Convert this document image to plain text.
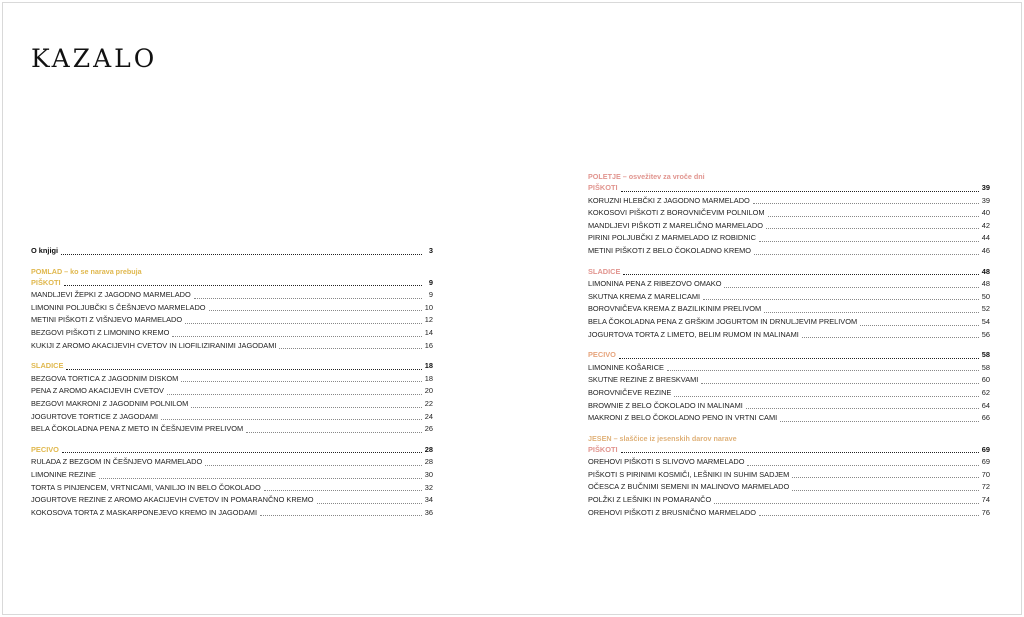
KAZALO
O knjigi	3
POMLAD – ko se narava prebuja
PIŠKOTI	9
MANDLJEVI ŽEPKI Z JAGODNO MARMELADO	9
LIMONINI POLJUBČKI S ČEŠNJEVO MARMELADO	10
METINI PIŠKOTI Z VIŠNJEVO MARMELADO	12
BEZGOVI PIŠKOTI Z LIMONINO KREMO	14
KUKIJI Z AROMO AKACIJEVIH CVETOV IN LIOFILIZIRANIMI JAGODAMI	16
SLADICE	18
BEZGOVA TORTICA Z JAGODNIM DISKOM	18
PENA Z AROMO AKACIJEVIH CVETOV	20
BEZGOVI MAKRONI Z JAGODNIM POLNILOM	22
JOGURTOVE TORTICE Z JAGODAMI	24
BELA ČOKOLADNA PENA Z METO IN ČEŠNJEVIM PRELIVOM	26
PECIVO	28
RULADA Z BEZGOM IN ČEŠNJEVO MARMELADO	28
LIMONINE REZINE	30
TORTA S PINJENCEM, VRTNICAMI, VANILJO IN BELO ČOKOLADO	32
JOGURTOVE REZINE Z AROMO AKACIJEVIH CVETOV IN POMARANČNO KREMO	34
KOKOSOVA TORTA Z MASKARPONEJEVO KREMO IN JAGODAMI	36
POLETJE – osvežitev za vroče dni
PIŠKOTI	39
KORUZNI HLEBČKI Z JAGODNO MARMELADO	39
KOKOSOVI PIŠKOTI Z BOROVNIČEVIM POLNILOM	40
MANDLJEVI PIŠKOTI Z MARELIČNO MARMELADO	42
PIRINI POLJUBČKI Z MARMELADO IZ ROBIDNIC	44
METINI PIŠKOTI Z BELO ČOKOLADNO KREMO	46
SLADICE	48
LIMONINA PENA Z RIBEZOVO OMAKO	48
SKUTNA KREMA Z MARELICAMI	50
BOROVNIČEVA KREMA Z BAZILIKINIM PRELIVOM	52
BELA ČOKOLADNA PENA Z GRŠKIM JOGURTOM IN DRNULJEVIM PRELIVOM	54
JOGURTOVA TORTA Z LIMETO, BELIM RUMOM IN MALINAMI	56
PECIVO	58
LIMONINE KOŠARICE	58
SKUTNE REZINE Z BRESKVAMI	60
BOROVNIČEVE REZINE	62
BROWNIE Z BELO ČOKOLADO IN MALINAMI	64
MAKRONI Z BELO ČOKOLADNO PENO IN VRTNI CAMI	66
JESEN – slaščice iz jesenskih darov narave
PIŠKOTI	69
OREHOVI PIŠKOTI S SLIVOVO MARMELADO	69
PIŠKOTI S PIRINIMI KOSMIČI, LEŠNIKI IN SUHIM SADJEM	70
OČESCA Z BUČNIMI SEMENI IN MALINOVO MARMELADO	72
POLŽKI Z LEŠNIKI IN POMARANČO	74
OREHOVI PIŠKOTI Z BRUSNIČNO MARMELADO	76
